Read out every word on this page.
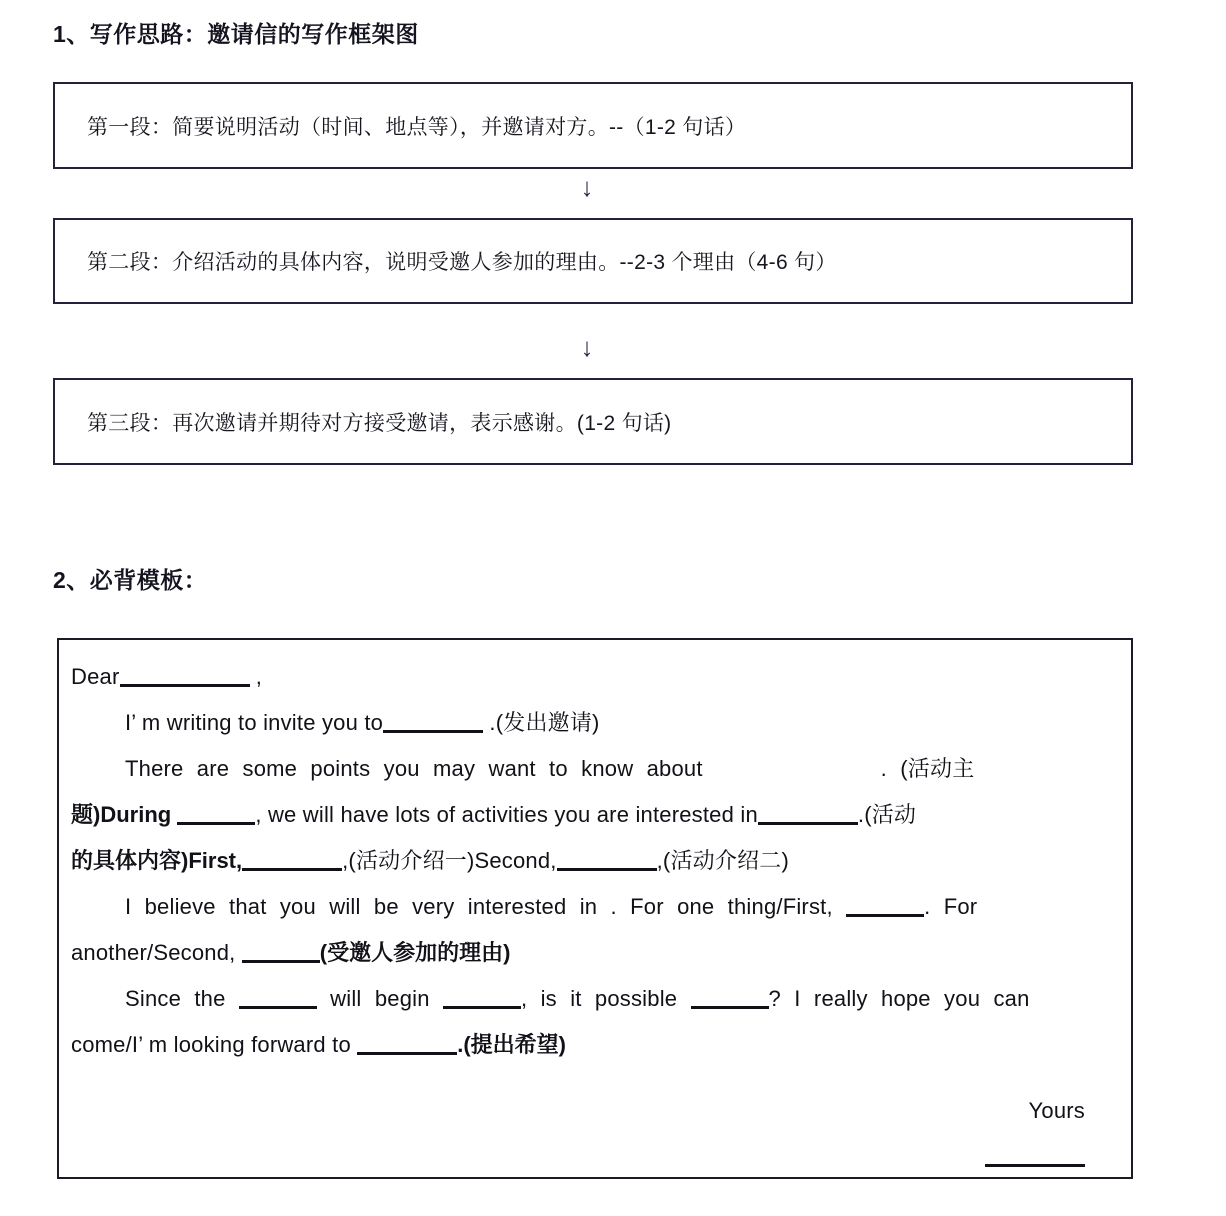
1、写作思路：邀请信的写作框架图
第一段：简要说明活动（时间、地点等），并邀请对方。--（1-2 句话）
↓
第二段：介绍活动的具体内容，说明受邀人参加的理由。--2-3 个理由（4-6 句）
↓
第三段：再次邀请并期待对方接受邀请，表示感谢。(1-2 句话)
2、必背模板：
Dear	,
I’ m writing to invite you to	.(发出邀请)
There are some points you may want to know about	. (活动主
题)During	, we will have lots of activities you are interested in	.(活动
的具体内容)First,	,(活动介绍一)Second,	,(活动介绍二)
I believe that you will be very interested in . For one thing/First,	. For
another/Second,	(受邀人参加的理由)
Since the	will begin	, is it possible	? I really hope you can
come/I’ m looking forward to	.(提出希望)
Yours
